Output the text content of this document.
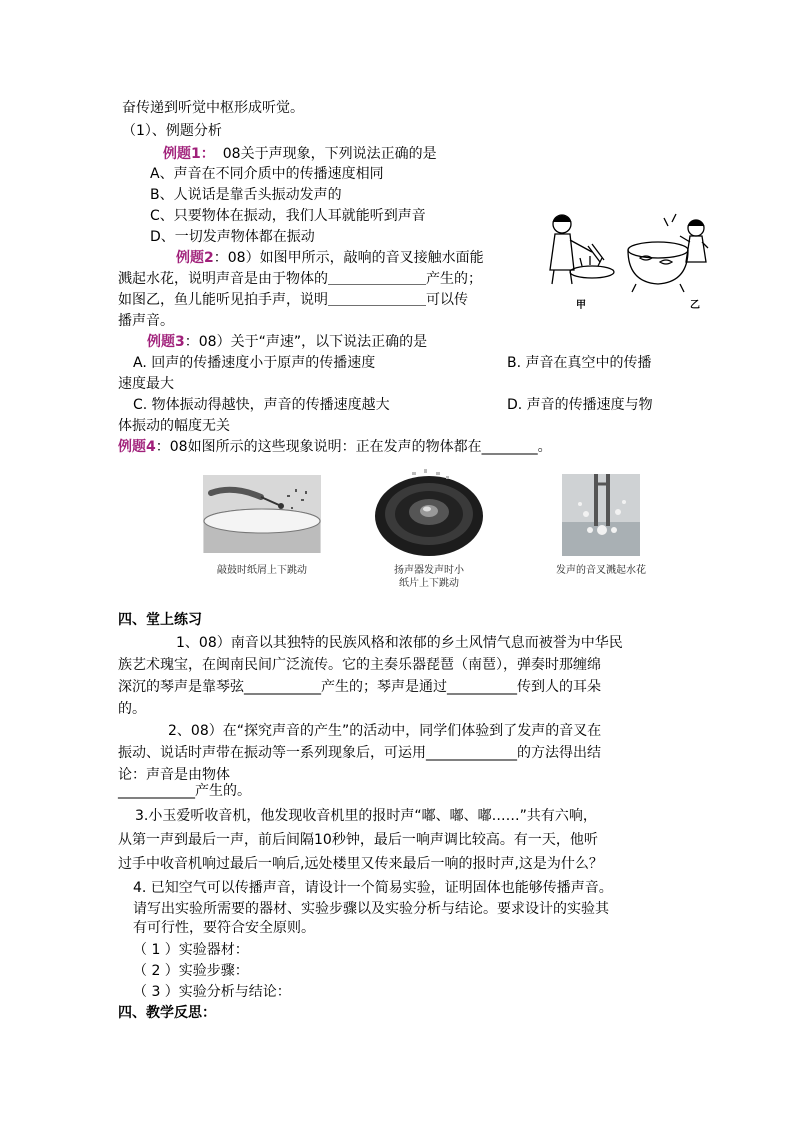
奋传递到听觉中枢形成听觉。
（1）、例题分析
例题1： 08关于声现象，下列说法正确的是
A、声音在不同介质中的传播速度相同
B、人说话是靠舌头振动发声的
C、只要物体在振动，我们人耳就能听到声音
D、一切发声物体都在振动
例题2：08）如图甲所示，敲响的音叉接触水面能
溅起水花，说明声音是由于物体的＿＿＿＿＿＿＿产生的；
如图乙，鱼儿能听见拍手声，说明＿＿＿＿＿＿＿可以传
播声音。
甲	乙
例题3：08）关于“声速”，以下说法正确的是
A. 回声的传播速度小于原声的传播速度	B. 声音在真空中的传播
速度最大
C. 物体振动得越快，声音的传播速度越大	D. 声音的传播速度与物
体振动的幅度无关
例题4：08如图所示的这些现象说明：正在发声的物体都在________。
敲鼓时纸屑上下跳动	扬声器发声时小
纸片上下跳动
发声的音叉溅起水花
四、堂上练习
1、08）南音以其独特的民族风格和浓郁的乡土风情气息而被誉为中华民
族艺术瑰宝，在闽南民间广泛流传。它的主奏乐器琵琶（南琶），弹奏时那缠绵
深沉的琴声是靠琴弦___________产生的；琴声是通过__________传到人的耳朵
的。
2、08）在“探究声音的产生”的活动中，同学们体验到了发声的音叉在
振动、说话时声带在振动等一系列现象后，可运用_____________的方法得出结
论：声音是由物体
___________产生的。
3.小玉爱听收音机，他发现收音机里的报时声“嘟、嘟、嘟……”共有六响，
从第一声到最后一声，前后间隔10秒钟，最后一响声调比较高。有一天，他听
过手中收音机响过最后一响后,远处楼里又传来最后一响的报时声,这是为什么？
4. 已知空气可以传播声音，请设计一个简易实验，证明固体也能够传播声音。
请写出实验所需要的器材、实验步骤以及实验分析与结论。要求设计的实验其
有可行性，要符合安全原则。
（ 1 ）实验器材：
（ 2 ）实验步骤：
（ 3 ）实验分析与结论：
四、教学反思：
